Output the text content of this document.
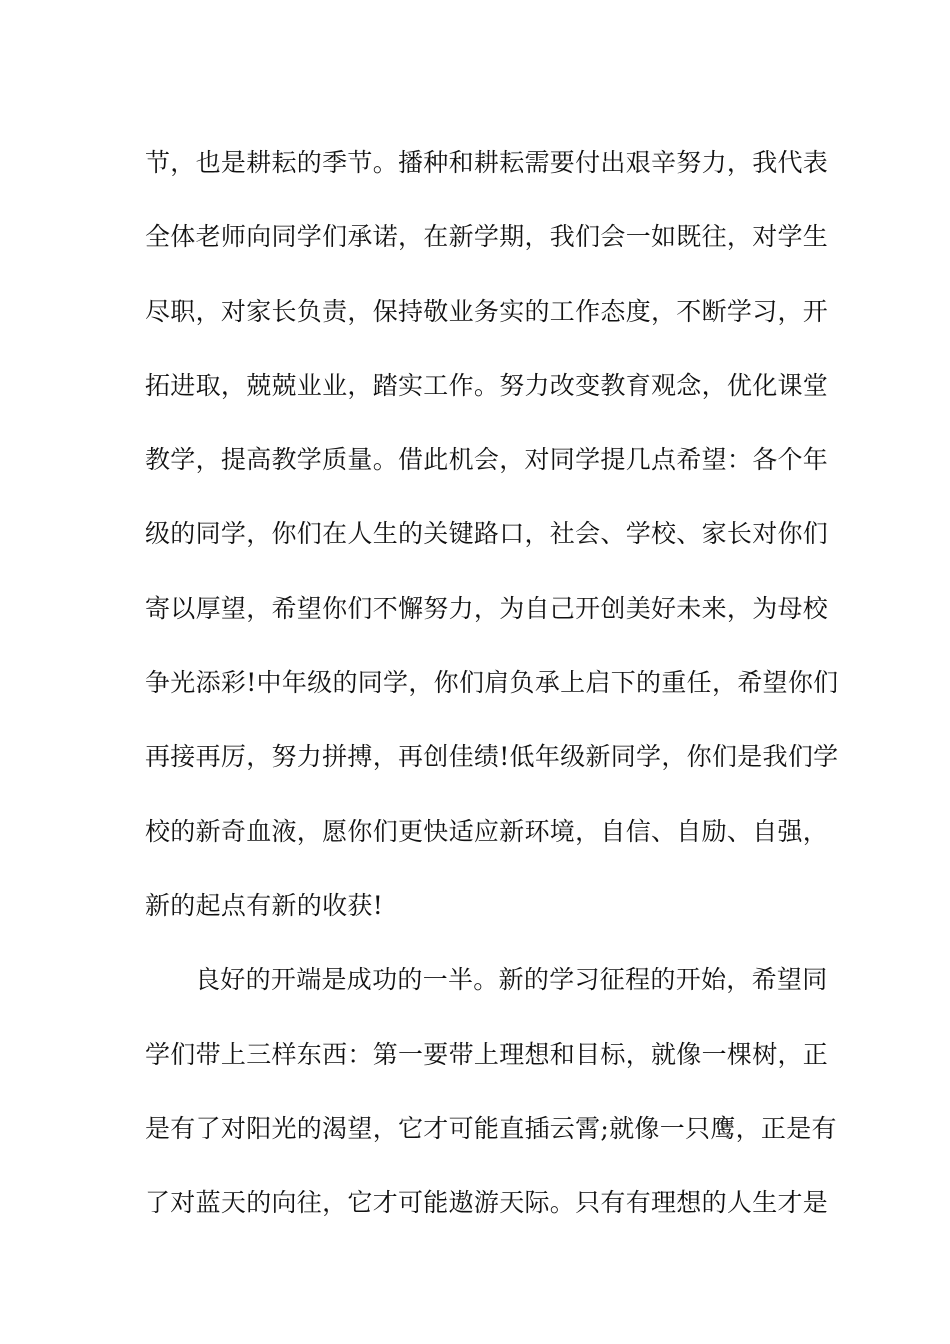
节，也是耕耘的季节。播种和耕耘需要付出艰辛努力，我代表
全体老师向同学们承诺，在新学期，我们会一如既往，对学生
尽职，对家长负责，保持敬业务实的工作态度，不断学习，开
拓进取，兢兢业业，踏实工作。努力改变教育观念，优化课堂
教学，提高教学质量。借此机会，对同学提几点希望：各个年
级的同学，你们在人生的关键路口，社会、学校、家长对你们
寄以厚望，希望你们不懈努力，为自己开创美好未来，为母校
争光添彩!中年级的同学，你们肩负承上启下的重任，希望你们
再接再厉，努力拼搏，再创佳绩!低年级新同学，你们是我们学
校的新奇血液，愿你们更快适应新环境，自信、自励、自强，
新的起点有新的收获!
良好的开端是成功的一半。新的学习征程的开始，希望同
学们带上三样东西：第一要带上理想和目标，就像一棵树，正
是有了对阳光的渴望，它才可能直插云霄;就像一只鹰，正是有
了对蓝天的向往，它才可能遨游天际。只有有理想的人生才是
